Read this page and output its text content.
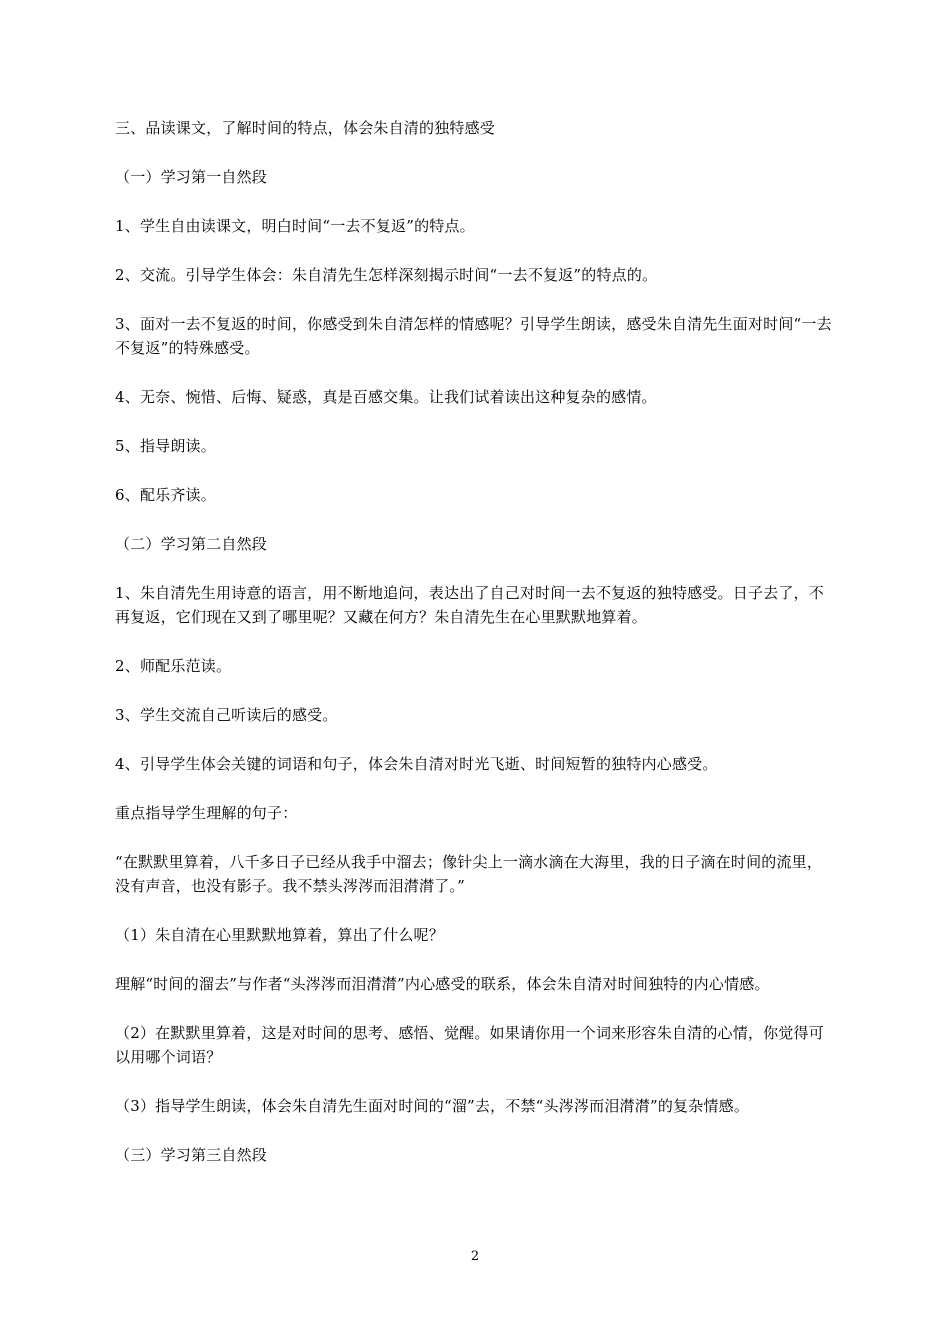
三、品读课文，了解时间的特点，体会朱自清的独特感受

（一）学习第一自然段

1、学生自由读课文，明白时间“一去不复返”的特点。

2、交流。引导学生体会：朱自清先生怎样深刻揭示时间“一去不复返”的特点的。

3、面对一去不复返的时间，你感受到朱自清怎样的情感呢？引导学生朗读，感受朱自清先生面对时间“一去不复返”的特殊感受。

4、无奈、惋惜、后悔、疑惑，真是百感交集。让我们试着读出这种复杂的感情。

5、指导朗读。

6、配乐齐读。

（二）学习第二自然段

1、朱自清先生用诗意的语言，用不断地追问，表达出了自己对时间一去不复返的独特感受。日子去了，不再复返，它们现在又到了哪里呢？又藏在何方？朱自清先生在心里默默地算着。

2、师配乐范读。

3、学生交流自己听读后的感受。

4、引导学生体会关键的词语和句子，体会朱自清对时光飞逝、时间短暂的独特内心感受。

重点指导学生理解的句子：

“在默默里算着，八千多日子已经从我手中溜去；像针尖上一滴水滴在大海里，我的日子滴在时间的流里，没有声音，也没有影子。我不禁头涔涔而泪潸潸了。”

（1）朱自清在心里默默地算着，算出了什么呢？

理解“时间的溜去”与作者“头涔涔而泪潸潸”内心感受的联系，体会朱自清对时间独特的内心情感。

（2）在默默里算着，这是对时间的思考、感悟、觉醒。如果请你用一个词来形容朱自清的心情，你觉得可以用哪个词语？

（3）指导学生朗读，体会朱自清先生面对时间的“溜”去，不禁“头涔涔而泪潸潸”的复杂情感。

（三）学习第三自然段

2
